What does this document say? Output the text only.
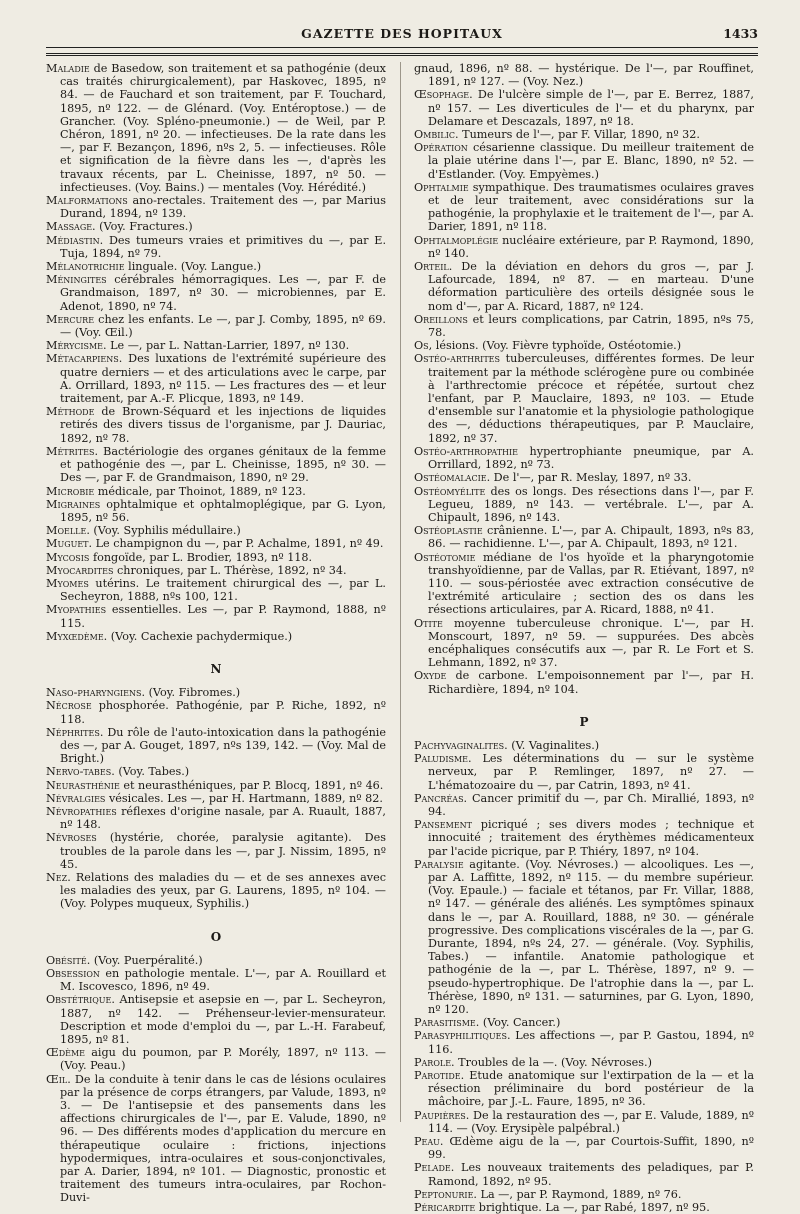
GAZETTE DES HOPITAUX	1433

Maladie de Basedow, son traitement et sa pathogénie (deux cas traités chirurgicalement), par Haskovec, 1895, nº 84. — de Fauchard et son traitement, par F. Touchard, 1895, nº 122. — de Glénard. (Voy. Entéroptose.) — de Grancher. (Voy. Spléno-pneumonie.) — de Weil, par P. Chéron, 1891, nº 20. — infectieuses. De la rate dans les —, par F. Bezançon, 1896, nºs 2, 5. — infectieuses. Rôle et signification de la fièvre dans les —, d'après les travaux récents, par L. Cheinisse, 1897, nº 50. — infectieuses. (Voy. Bains.) — mentales (Voy. Hérédité.)

Malformations ano-rectales. Traitement des —, par Marius Durand, 1894, nº 139.

Massage. (Voy. Fractures.)

Médiastin. Des tumeurs vraies et primitives du —, par E. Tuja, 1894, nº 79.

Mélanotrichie linguale. (Voy. Langue.)

Méningites cérébrales hémorragiques. Les —, par F. de Grandmaison, 1897, nº 30. — microbiennes, par E. Adenot, 1890, nº 74.

Mercure chez les enfants. Le —, par J. Comby, 1895, nº 69. — (Voy. Œil.)

Mérycisme. Le —, par L. Nattan-Larrier, 1897, nº 130.

Métacarpiens. Des luxations de l'extrémité supérieure des quatre derniers — et des articulations avec le carpe, par A. Orrillard, 1893, nº 115. — Les fractures des — et leur traitement, par A.-F. Plicque, 1893, nº 149.

Méthode de Brown-Séquard et les injections de liquides retirés des divers tissus de l'organisme, par J. Dauriac, 1892, nº 78.

Métrites. Bactériologie des organes génitaux de la femme et pathogénie des —, par L. Cheinisse, 1895, nº 30. — Des —, par F. de Grandmaison, 1890, nº 29.

Microbie médicale, par Thoinot, 1889, nº 123.

Migraines ophtalmique et ophtalmoplégique, par G. Lyon, 1895, nº 56.

Moelle. (Voy. Syphilis médullaire.)

Muguet. Le champignon du —, par P. Achalme, 1891, nº 49.

Mycosis fongoïde, par L. Brodier, 1893, nº 118.

Myocardites chroniques, par L. Thérèse, 1892, nº 34.

Myomes utérins. Le traitement chirurgical des —, par L. Secheyron, 1888, nºs 100, 121.

Myopathies essentielles. Les —, par P. Raymond, 1888, nº 115.

Myxœdème. (Voy. Cachexie pachydermique.)

N

Naso-pharyngiens. (Voy. Fibromes.)

Nécrose phosphorée. Pathogénie, par P. Riche, 1892, nº 118.

Néphrites. Du rôle de l'auto-intoxication dans la pathogénie des —, par A. Gouget, 1897, nºs 139, 142. — (Voy. Mal de Bright.)

Nervo-tabes. (Voy. Tabes.)

Neurasthénie et neurasthéniques, par P. Blocq, 1891, nº 46.

Névralgies vésicales. Les —, par H. Hartmann, 1889, nº 82.

Névropathies réflexes d'origine nasale, par A. Ruault, 1887, nº 148.

Névroses (hystérie, chorée, paralysie agitante). Des troubles de la parole dans les —, par J. Nissim, 1895, nº 45.

Nez. Relations des maladies du — et de ses annexes avec les maladies des yeux, par G. Laurens, 1895, nº 104. — (Voy. Polypes muqueux, Syphilis.)

O

Obésité. (Voy. Puerpéralité.)

Obsession en pathologie mentale. L'—, par A. Rouillard et M. Iscovesco, 1896, nº 49.

Obstétrique. Antisepsie et asepsie en —, par L. Secheyron, 1887, nº 142. — Préhenseur-levier-mensurateur. Description et mode d'emploi du —, par L.-H. Farabeuf, 1895, nº 81.

Œdème aigu du poumon, par P. Morély, 1897, nº 113. — (Voy. Peau.)

Œil. De la conduite à tenir dans le cas de lésions oculaires par la présence de corps étrangers, par Valude, 1893, nº 3. — De l'antisepsie et des pansements dans les affections chirurgicales de l'—, par E. Valude, 1890, nº 96. — Des différents modes d'application du mercure en thérapeutique oculaire : frictions, injections hypodermiques, intra-oculaires et sous-conjonctivales, par A. Darier, 1894, nº 101. — Diagnostic, pronostic et traitement des tumeurs intra-oculaires, par Rochon-Duvi-

gnaud, 1896, nº 88. — hystérique. De l'—, par Rouffinet, 1891, nº 127. — (Voy. Nez.)

Œsophage. De l'ulcère simple de l'—, par E. Berrez, 1887, nº 157. — Les diverticules de l'— et du pharynx, par Delamare et Descazals, 1897, nº 18.

Ombilic. Tumeurs de l'—, par F. Villar, 1890, nº 32.

Opération césarienne classique. Du meilleur traitement de la plaie utérine dans l'—, par E. Blanc, 1890, nº 52. — d'Estlander. (Voy. Empyèmes.)

Ophtalmie sympathique. Des traumatismes oculaires graves et de leur traitement, avec considérations sur la pathogénie, la prophylaxie et le traitement de l'—, par A. Darier, 1891, nº 118.

Ophtalmoplégie nucléaire extérieure, par P. Raymond, 1890, nº 140.

Orteil. De la déviation en dehors du gros —, par J. Lafourcade, 1894, nº 87. — en marteau. D'une déformation particulière des orteils désignée sous le nom d'—, par A. Ricard, 1887, nº 124.

Oreillons et leurs complications, par Catrin, 1895, nºs 75, 78.

Os, lésions. (Voy. Fièvre typhoïde, Ostéotomie.)

Ostéo-arthrites tuberculeuses, différentes formes. De leur traitement par la méthode sclérogène pure ou combinée à l'arthrectomie précoce et répétée, surtout chez l'enfant, par P. Mauclaire, 1893, nº 103. — Etude d'ensemble sur l'anatomie et la physiologie pathologique des —, déductions thérapeutiques, par P. Mauclaire, 1892, nº 37.

Ostéo-arthropathie hypertrophiante pneumique, par A. Orrillard, 1892, nº 73.

Ostéomalacie. De l'—, par R. Meslay, 1897, nº 33.

Ostéomyélite des os longs. Des résections dans l'—, par F. Legueu, 1889, nº 143. — vertébrale. L'—, par A. Chipault, 1896, nº 143.

Ostéoplastie crânienne. L'—, par A. Chipault, 1893, nºs 83, 86. — rachidienne. L'—, par A. Chipault, 1893, nº 121.

Ostéotomie médiane de l'os hyoïde et la pharyngotomie transhyoïdienne, par de Vallas, par R. Etiévant, 1897, nº 110. — sous-périostée avec extraction consécutive de l'extrémité articulaire ; section des os dans les résections articulaires, par A. Ricard, 1888, nº 41.

Otite moyenne tuberculeuse chronique. L'—, par H. Monscourt, 1897, nº 59. — suppurées. Des abcès encéphaliques consécutifs aux —, par R. Le Fort et S. Lehmann, 1892, nº 37.

Oxyde de carbone. L'empoisonnement par l'—, par H. Richardière, 1894, nº 104.

P

Pachyvaginalites. (V. Vaginalites.)

Paludisme. Les déterminations du — sur le système nerveux, par P. Remlinger, 1897, nº 27. — L'hématozoaire du —, par Catrin, 1893, nº 41.

Pancréas. Cancer primitif du —, par Ch. Mirallié, 1893, nº 94.

Pansement picriqué ; ses divers modes ; technique et innocuité ; traitement des érythèmes médicamenteux par l'acide picrique, par P. Thiéry, 1897, nº 104.

Paralysie agitante. (Voy. Névroses.) — alcooliques. Les —, par A. Laffitte, 1892, nº 115. — du membre supérieur. (Voy. Epaule.) — faciale et tétanos, par Fr. Villar, 1888, nº 147. — générale des aliénés. Les symptômes spinaux dans le —, par A. Rouillard, 1888, nº 30. — générale progressive. Des complications viscérales de la —, par G. Durante, 1894, nºs 24, 27. — générale. (Voy. Syphilis, Tabes.) — infantile. Anatomie pathologique et pathogénie de la —, par L. Thérèse, 1897, nº 9. — pseudo-hypertrophique. De l'atrophie dans la —, par L. Thérèse, 1890, nº 131. — saturnines, par G. Lyon, 1890, nº 120.

Parasitisme. (Voy. Cancer.)

Parasyphilitiques. Les affections —, par P. Gastou, 1894, nº 116.

Parole. Troubles de la —. (Voy. Névroses.)

Parotide. Etude anatomique sur l'extirpation de la — et la résection préliminaire du bord postérieur de la mâchoire, par J.-L. Faure, 1895, nº 36.

Paupières. De la restauration des —, par E. Valude, 1889, nº 114. — (Voy. Erysipèle palpébral.)

Peau. Œdème aigu de la —, par Courtois-Suffit, 1890, nº 99.

Pelade. Les nouveaux traitements des peladiques, par P. Ramond, 1892, nº 95.

Peptonurie. La —, par P. Raymond, 1889, nº 76.

Péricardite brightique. La —, par Rabé, 1897, nº 95.
